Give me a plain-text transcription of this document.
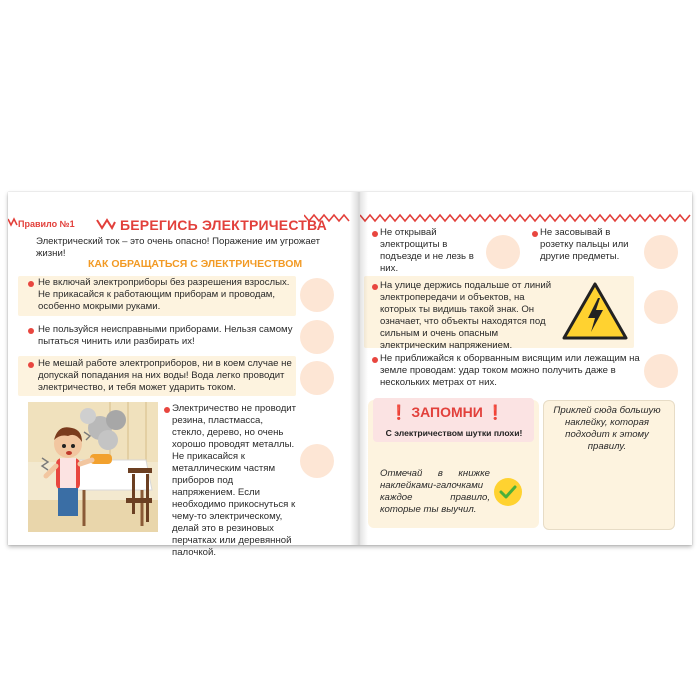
Правило №1	БЕРЕГИСЬ ЭЛЕКТРИЧЕСТВА
Электрический ток – это очень опасно! Поражение им угрожает жизни!
КАК ОБРАЩАТЬСЯ С ЭЛЕКТРИЧЕСТВОМ
Не включай электроприборы без разрешения взрослых. Не прикасайся к работающим приборам и проводам, особенно мокрыми руками.
Не пользуйся неисправными приборами. Нельзя самому пытаться чинить или разбирать их!
Не мешай работе электроприборов, ни в коем случае не допускай попадания на них воды! Вода легко проводит электричество, и тебя может ударить током.
Электричество не проводит резина, пластмасса, стекло, дерево, но очень хорошо проводят металлы. Не прикасайся к металлическим частям приборов под напряжением. Если необходимо прикоснуться к чему-то электрическому, делай это в резиновых перчатках или деревянной палочкой.
Не открывай электрощиты в подъезде и не лезь в них.
Не засовывай в розетку пальцы или другие предметы.
На улице держись подальше от линий электропередачи и объектов, на которых ты видишь такой знак. Он означает, что объекты находятся под сильным и очень опасным электрическим напряжением.
Не приближайся к оборванным висящим или лежащим на земле проводам: удар током можно получить даже в нескольких метрах от них.
❗ ЗАПОМНИ ❗
С электричеством шутки плохи!
Отмечай в книжке наклейками-галочками каждое правило, которые ты выучил.
Приклей сюда большую наклейку, которая подходит к этому правилу.
